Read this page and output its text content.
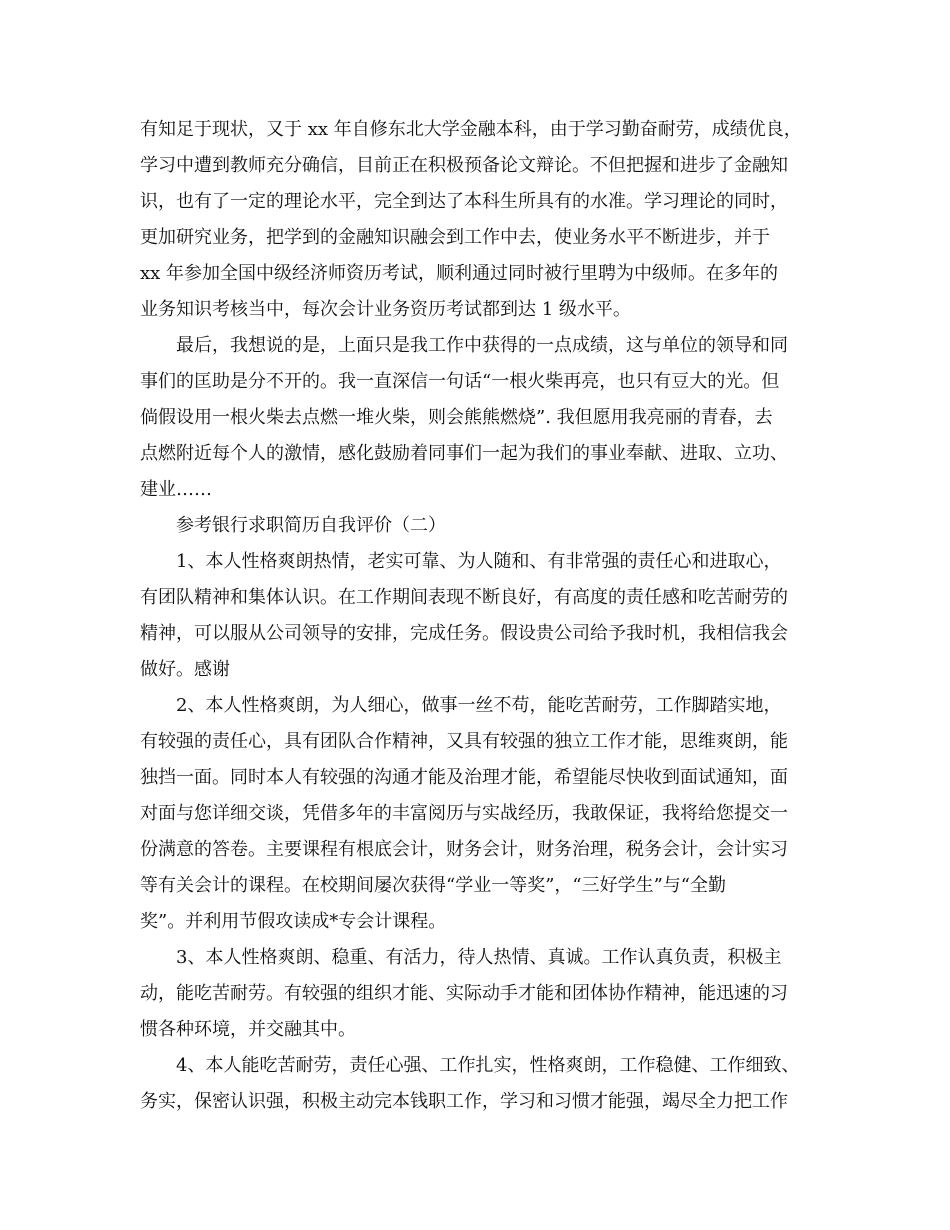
有知足于现状，又于 xx 年自修东北大学金融本科，由于学习勤奋耐劳，成绩优良，
学习中遭到教师充分确信，目前正在积极预备论文辩论。不但把握和进步了金融知
识，也有了一定的理论水平，完全到达了本科生所具有的水准。学习理论的同时，
更加研究业务，把学到的金融知识融会到工作中去，使业务水平不断进步，并于
xx 年参加全国中级经济师资历考试，顺利通过同时被行里聘为中级师。在多年的
业务知识考核当中，每次会计业务资历考试都到达 1 级水平。
最后，我想说的是，上面只是我工作中获得的一点成绩，这与单位的领导和同
事们的匡助是分不开的。我一直深信一句话“一根火柴再亮，也只有豆大的光。但
倘假设用一根火柴去点燃一堆火柴，则会熊熊燃烧”. 我但愿用我亮丽的青春，去
点燃附近每个人的激情，感化鼓励着同事们一起为我们的事业奉献、进取、立功、
建业……
参考银行求职简历自我评价（二）
1、本人性格爽朗热情，老实可靠、为人随和、有非常强的责任心和进取心，
有团队精神和集体认识。在工作期间表现不断良好，有高度的责任感和吃苦耐劳的
精神，可以服从公司领导的安排，完成任务。假设贵公司给予我时机，我相信我会
做好。感谢
2、本人性格爽朗，为人细心，做事一丝不苟，能吃苦耐劳，工作脚踏实地，
有较强的责任心，具有团队合作精神，又具有较强的独立工作才能，思维爽朗，能
独挡一面。同时本人有较强的沟通才能及治理才能，希望能尽快收到面试通知，面
对面与您详细交谈，凭借多年的丰富阅历与实战经历，我敢保证，我将给您提交一
份满意的答卷。主要课程有根底会计，财务会计，财务治理，税务会计，会计实习
等有关会计的课程。在校期间屡次获得“学业一等奖”，“三好学生”与“全勤
奖”。并利用节假攻读成*专会计课程。
3、本人性格爽朗、稳重、有活力，待人热情、真诚。工作认真负责，积极主
动，能吃苦耐劳。有较强的组织才能、实际动手才能和团体协作精神，能迅速的习
惯各种环境，并交融其中。
4、本人能吃苦耐劳，责任心强、工作扎实，性格爽朗，工作稳健、工作细致、
务实，保密认识强，积极主动完本钱职工作，学习和习惯才能强，竭尽全力把工作
